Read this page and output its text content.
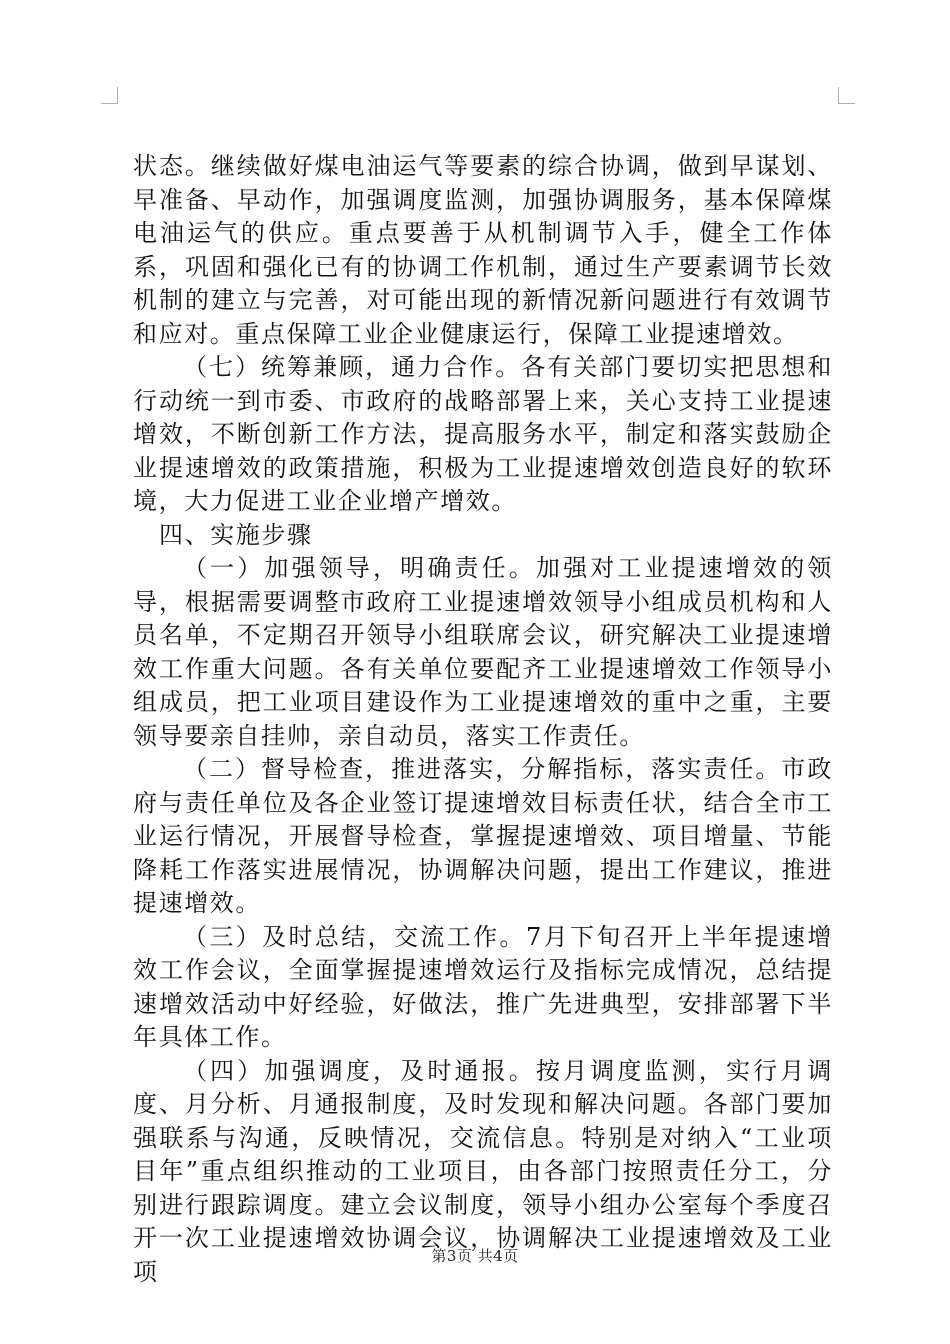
状态。继续做好煤电油运气等要素的综合协调，做到早谋划、早准备、早动作，加强调度监测，加强协调服务，基本保障煤电油运气的供应。重点要善于从机制调节入手，健全工作体系，巩固和强化已有的协调工作机制，通过生产要素调节长效机制的建立与完善，对可能出现的新情况新问题进行有效调节和应对。重点保障工业企业健康运行，保障工业提速增效。

（七）统筹兼顾，通力合作。各有关部门要切实把思想和行动统一到市委、市政府的战略部署上来，关心支持工业提速增效，不断创新工作方法，提高服务水平，制定和落实鼓励企业提速增效的政策措施，积极为工业提速增效创造良好的软环境，大力促进工业企业增产增效。

四、实施步骤

（一）加强领导，明确责任。加强对工业提速增效的领导，根据需要调整市政府工业提速增效领导小组成员机构和人员名单，不定期召开领导小组联席会议，研究解决工业提速增效工作重大问题。各有关单位要配齐工业提速增效工作领导小组成员，把工业项目建设作为工业提速增效的重中之重，主要领导要亲自挂帅，亲自动员，落实工作责任。

（二）督导检查，推进落实，分解指标，落实责任。市政府与责任单位及各企业签订提速增效目标责任状，结合全市工业运行情况，开展督导检查，掌握提速增效、项目增量、节能降耗工作落实进展情况，协调解决问题，提出工作建议，推进提速增效。

（三）及时总结，交流工作。7月下旬召开上半年提速增效工作会议，全面掌握提速增效运行及指标完成情况，总结提速增效活动中好经验，好做法，推广先进典型，安排部署下半年具体工作。

（四）加强调度，及时通报。按月调度监测，实行月调度、月分析、月通报制度，及时发现和解决问题。各部门要加强联系与沟通，反映情况，交流信息。特别是对纳入“工业项目年”重点组织推动的工业项目，由各部门按照责任分工，分别进行跟踪调度。建立会议制度，领导小组办公室每个季度召开一次工业提速增效协调会议，协调解决工业提速增效及工业项

第3页 共4页
